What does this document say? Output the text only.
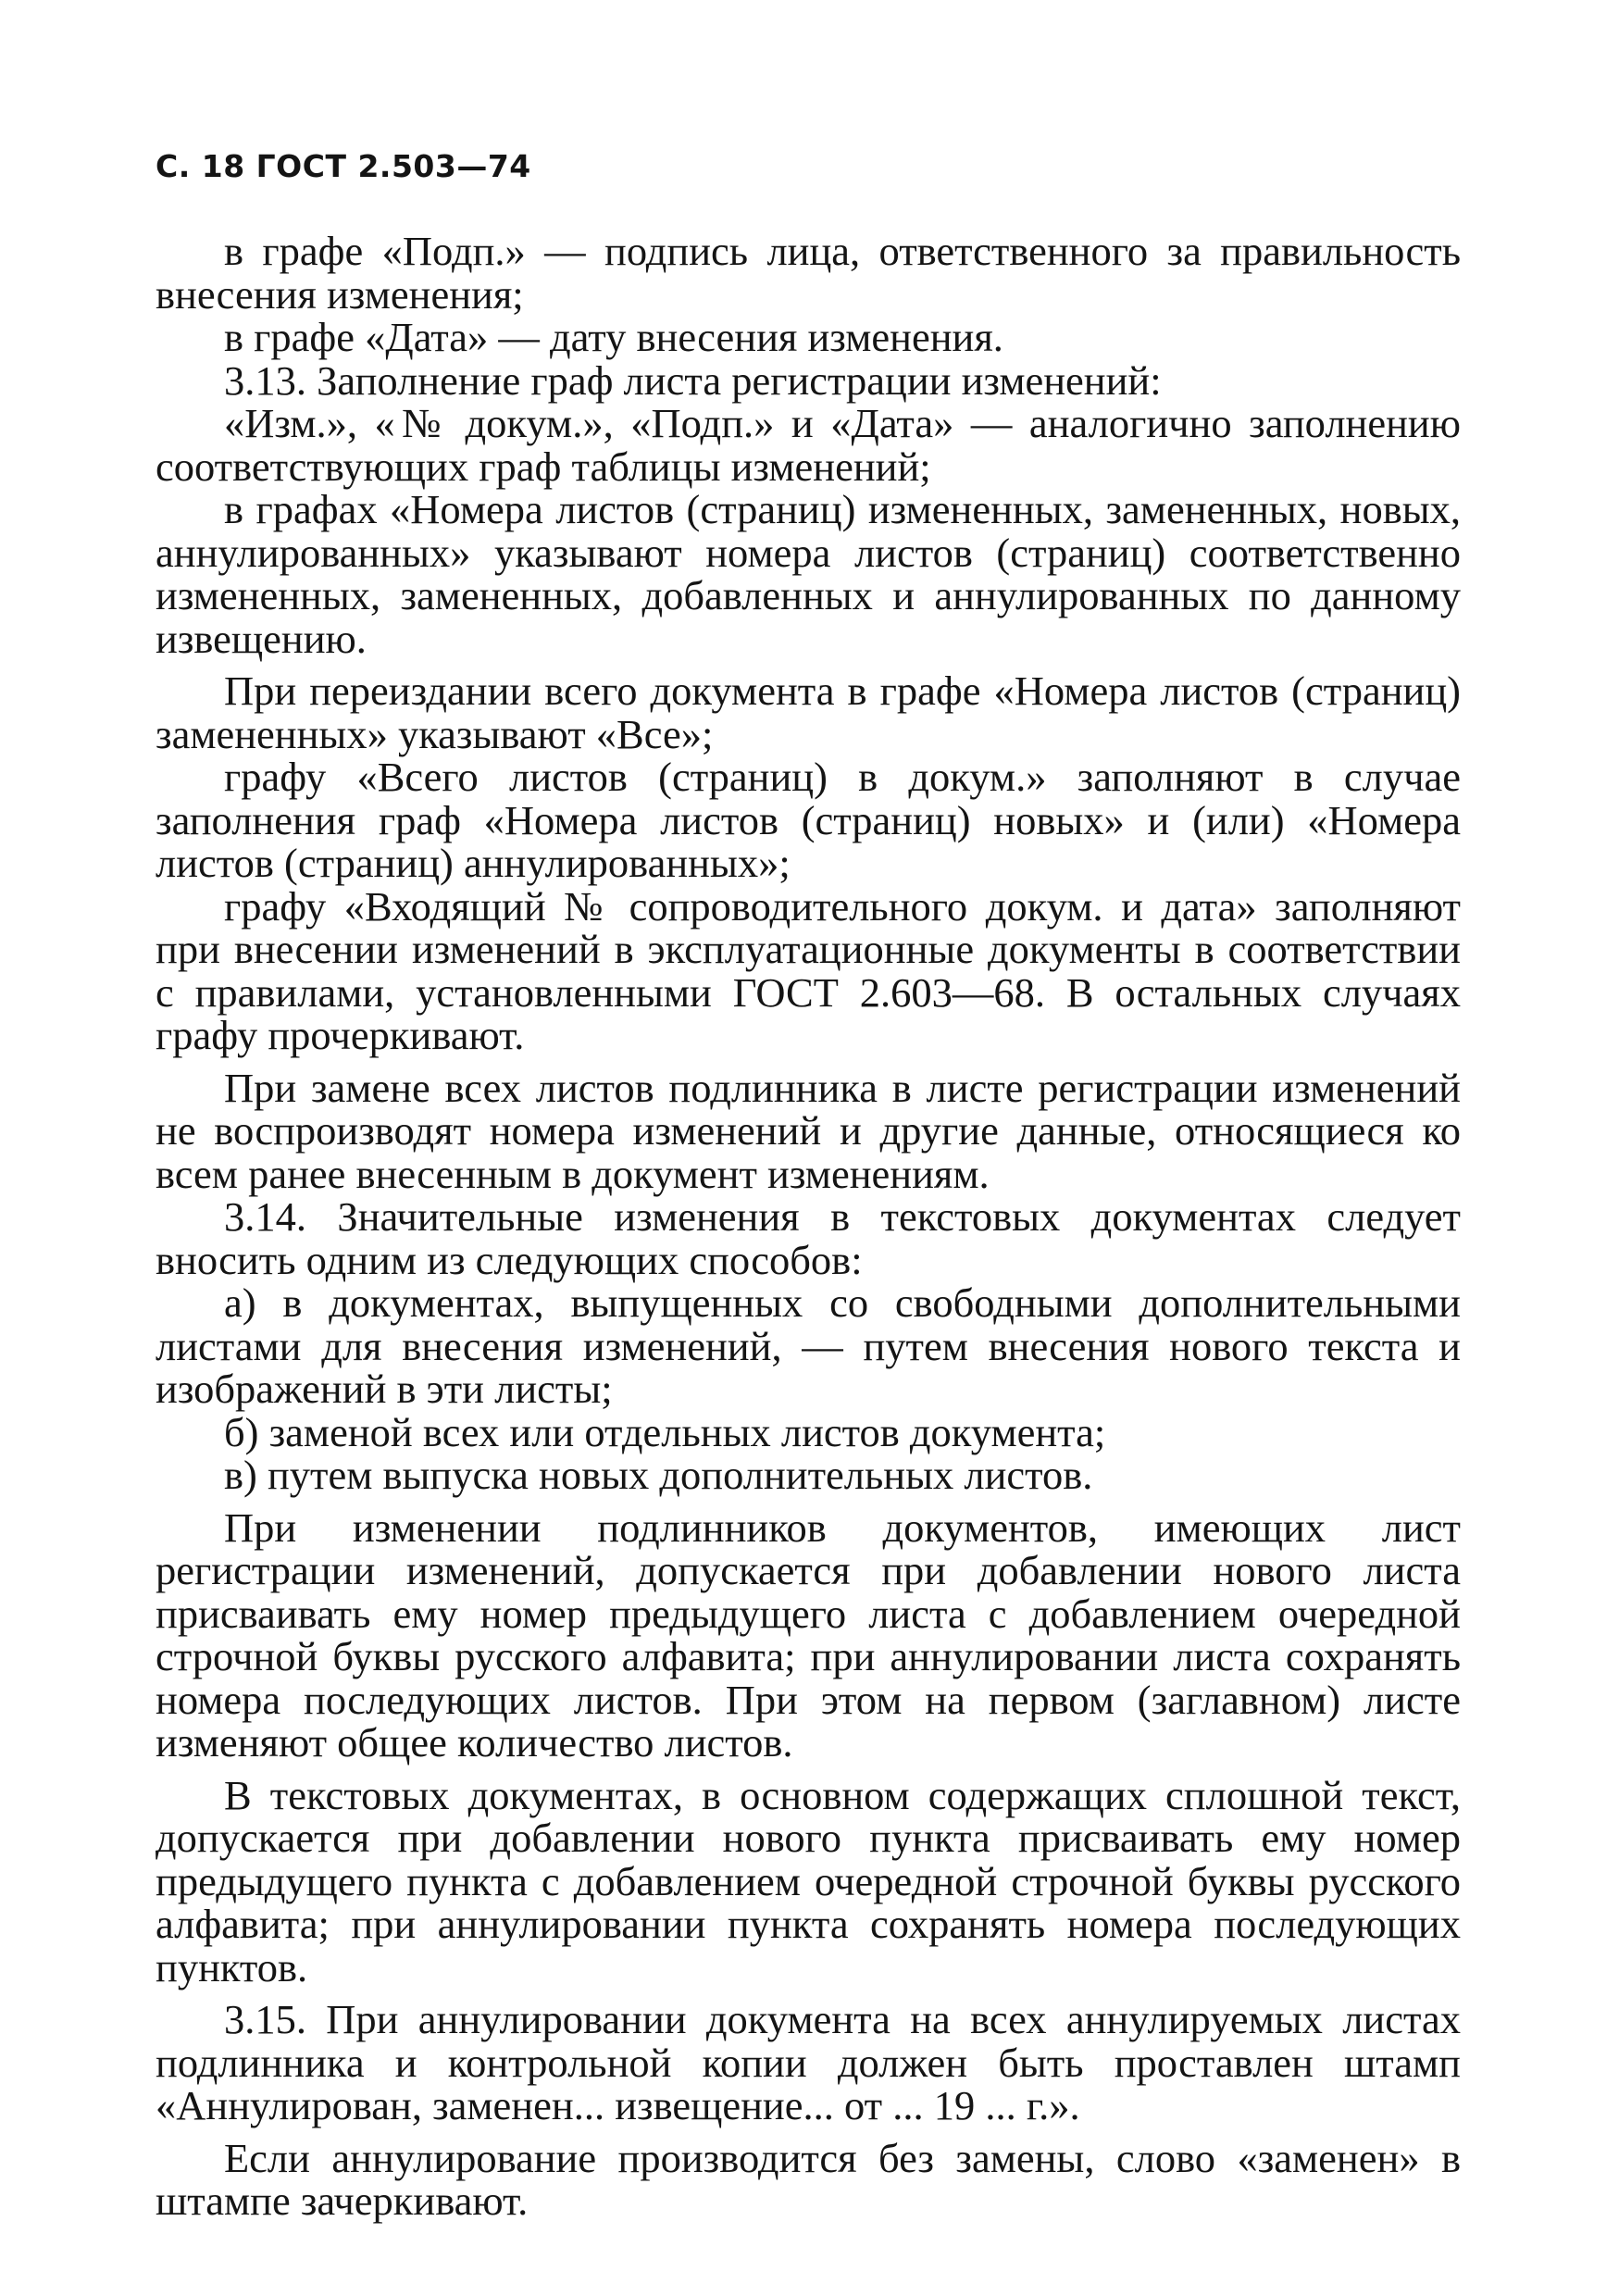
С. 18 ГОСТ 2.503—74

в графе «Подп.» — подпись лица, ответственного за правильность внесения изменения;

в графе «Дата» — дату внесения изменения.

3.13. Заполнение граф листа регистрации изменений:

«Изм.», «№ докум.», «Подп.» и «Дата» — аналогично заполнению соответствующих граф таблицы изменений;

в графах «Номера листов (страниц) измененных, замененных, новых, аннулированных» указывают номера листов (страниц) соответственно измененных, замененных, добавленных и аннулированных по данному извещению.

При переиздании всего документа в графе «Номера листов (страниц) замененных» указывают «Все»;

графу «Всего листов (страниц) в докум.» заполняют в случае заполнения граф «Номера листов (страниц) новых» и (или) «Номера листов (страниц) аннулированных»;

графу «Входящий № сопроводительного докум. и дата» заполняют при внесении изменений в эксплуатационные документы в соответствии с правилами, установленными ГОСТ 2.603—68. В остальных случаях графу прочеркивают.

При замене всех листов подлинника в листе регистрации изменений не воспроизводят номера изменений и другие данные, относящиеся ко всем ранее внесенным в документ изменениям.

3.14. Значительные изменения в текстовых документах следует вносить одним из следующих способов:

а) в документах, выпущенных со свободными дополнительными листами для внесения изменений, — путем внесения нового текста и изображений в эти листы;

б) заменой всех или отдельных листов документа;

в) путем выпуска новых дополнительных листов.

При изменении подлинников документов, имеющих лист регистрации изменений, допускается при добавлении нового листа присваивать ему номер предыдущего листа с добавлением очередной строчной буквы русского алфавита; при аннулировании листа сохранять номера последующих листов. При этом на первом (заглавном) листе изменяют общее количество листов.

В текстовых документах, в основном содержащих сплошной текст, допускается при добавлении нового пункта присваивать ему номер предыдущего пункта с добавлением очередной строчной буквы русского алфавита; при аннулировании пункта сохранять номера последующих пунктов.

3.15. При аннулировании документа на всех аннулируемых листах подлинника и контрольной копии должен быть проставлен штамп «Аннулирован, заменен... извещение... от ... 19 ... г.».

Если аннулирование производится без замены, слово «заменен» в штампе зачеркивают.
